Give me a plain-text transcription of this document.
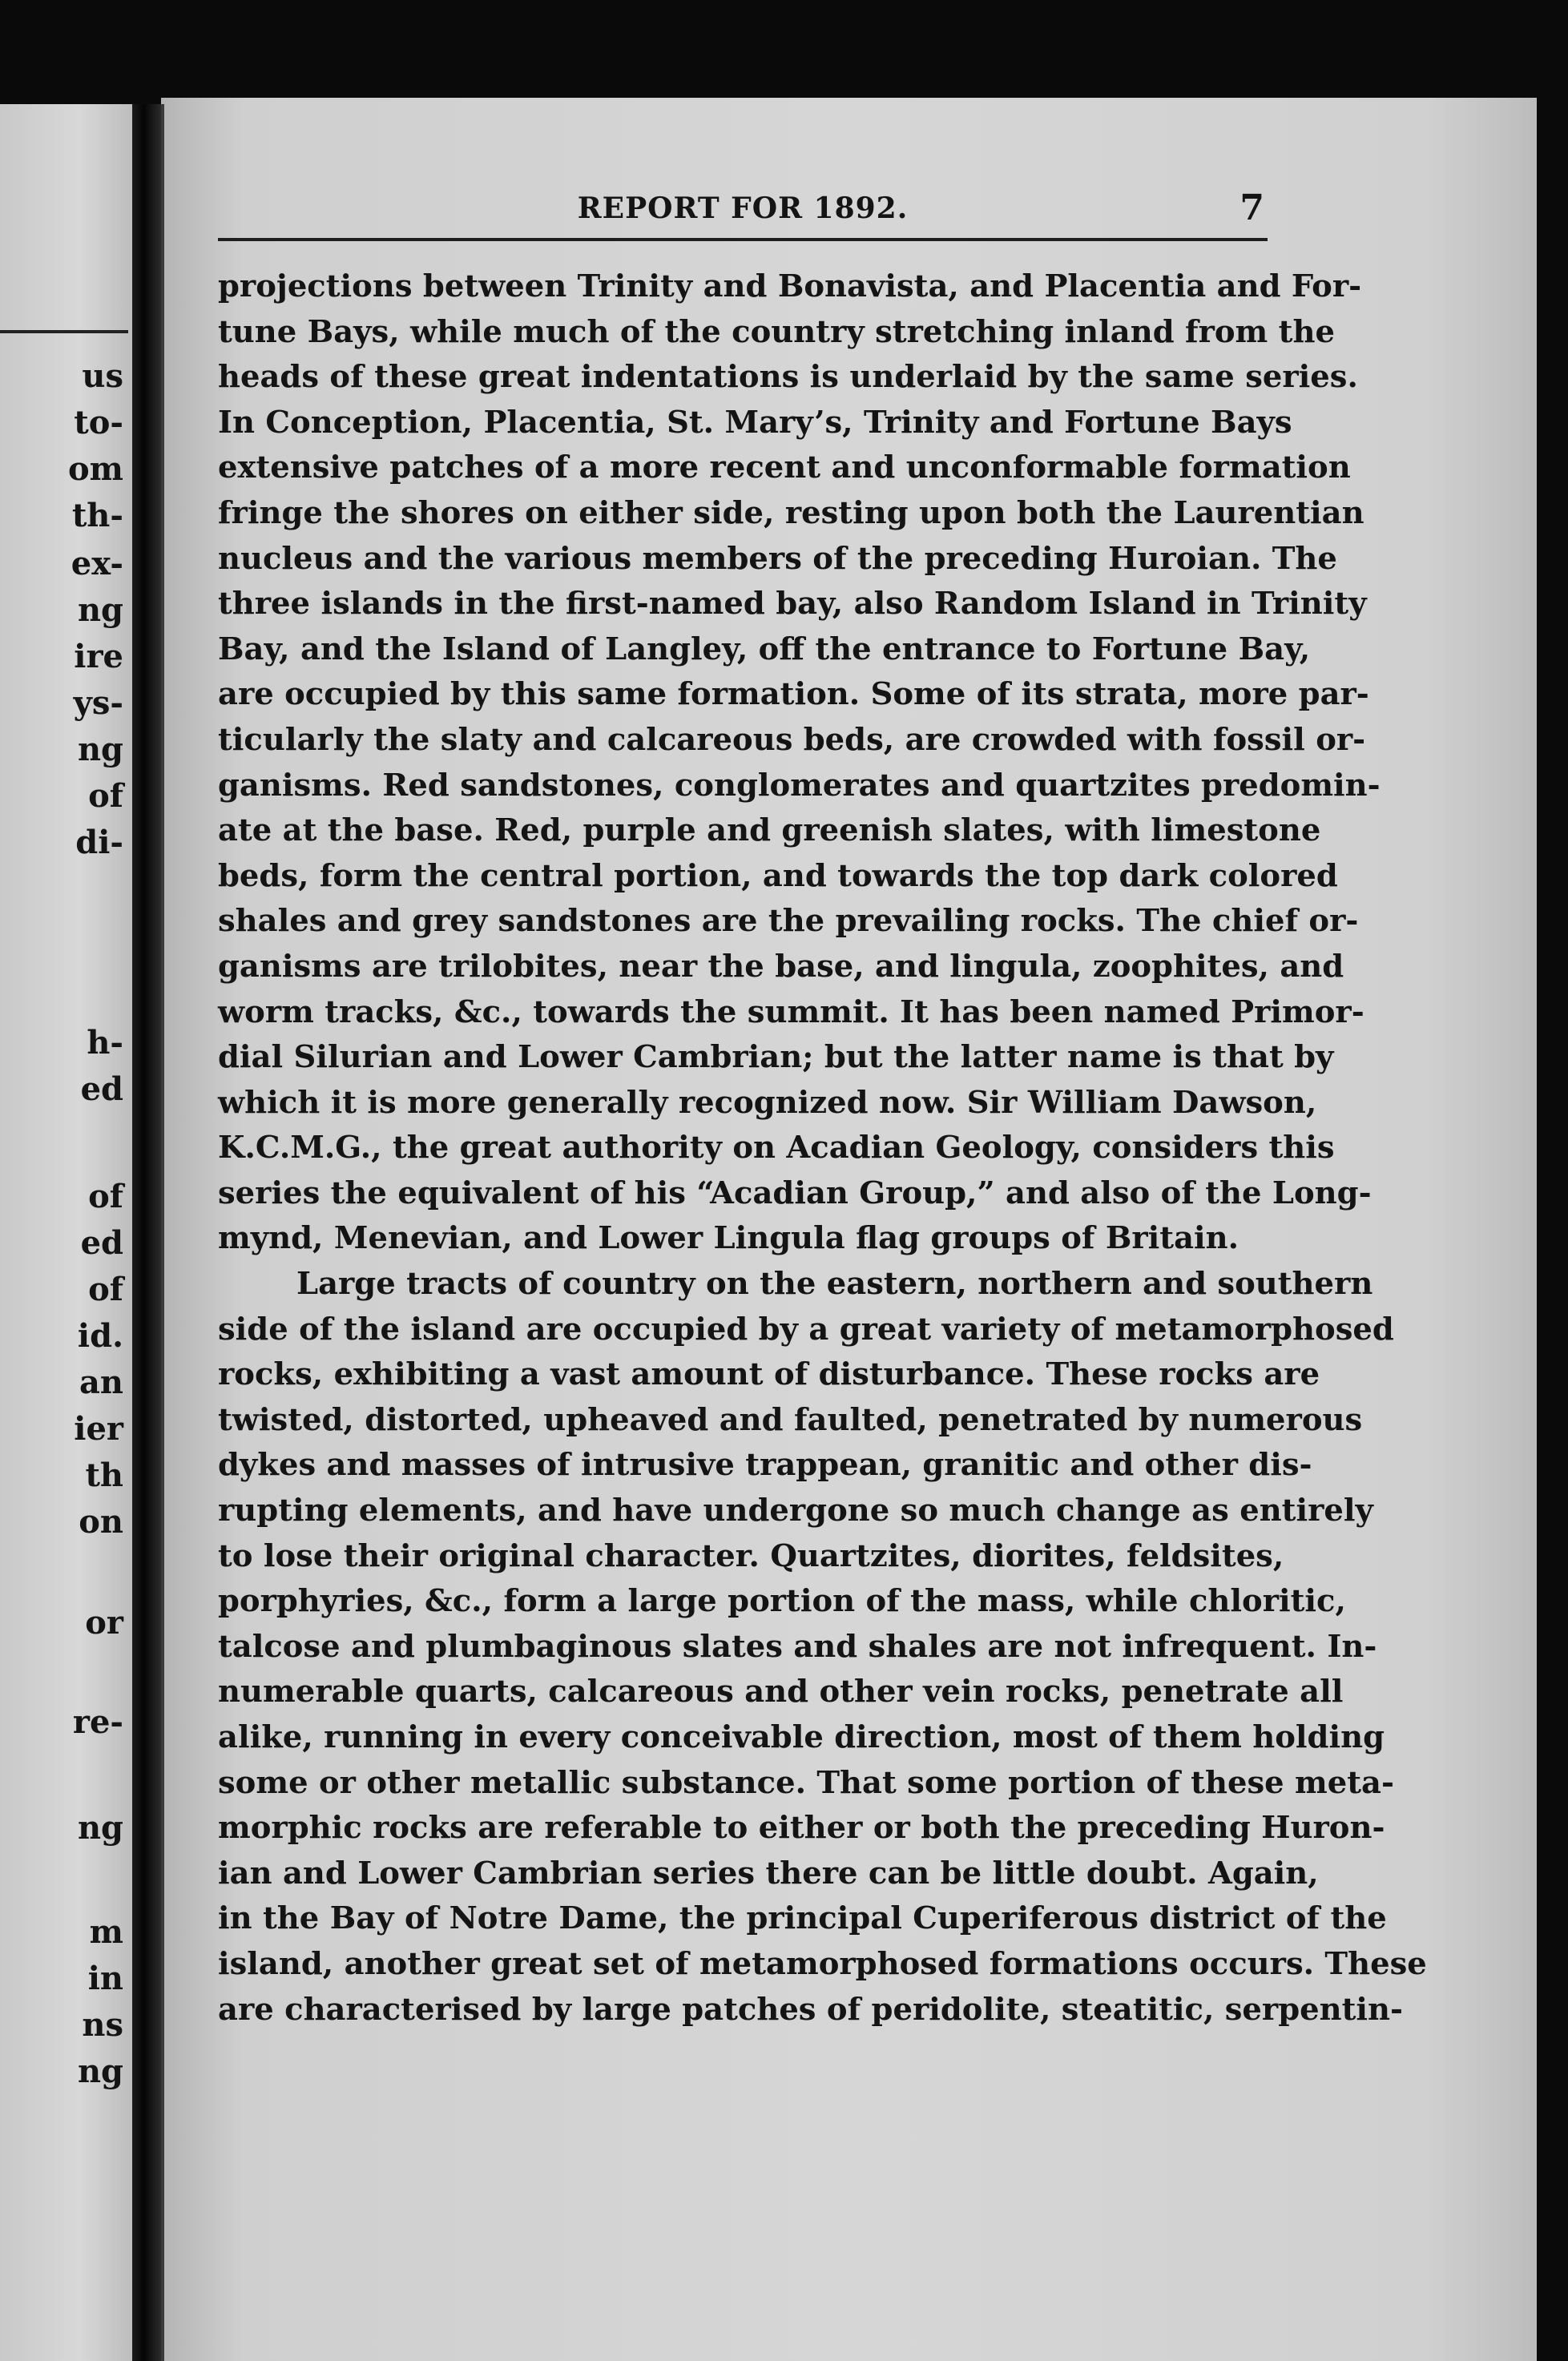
us
to-
om
th-
ex-
ng
ire
ys-
ng
of
di-
h-
ed
of
ed
of
id.
an
ier
th
on
or
re-
ng
m
in
ns
ng
REPORT FOR 1892.	7
projections between Trinity and Bonavista, and Placentia and For-
tune Bays, while much of the country stretching inland from the
heads of these great indentations is underlaid by the same series.
In Conception, Placentia, St. Mary’s, Trinity and Fortune Bays
extensive patches of a more recent and unconformable formation
fringe the shores on either side, resting upon both the Laurentian
nucleus and the various members of the preceding Huroian. The
three islands in the first-named bay, also Random Island in Trinity
Bay, and the Island of Langley, off the entrance to Fortune Bay,
are occupied by this same formation. Some of its strata, more par-
ticularly the slaty and calcareous beds, are crowded with fossil or-
ganisms. Red sandstones, conglomerates and quartzites predomin-
ate at the base. Red, purple and greenish slates, with limestone
beds, form the central portion, and towards the top dark colored
shales and grey sandstones are the prevailing rocks. The chief or-
ganisms are trilobites, near the base, and lingula, zoophites, and
worm tracks, &c., towards the summit. It has been named Primor-
dial Silurian and Lower Cambrian; but the latter name is that by
which it is more generally recognized now. Sir William Dawson,
K.C.M.G., the great authority on Acadian Geology, considers this
series the equivalent of his “Acadian Group,” and also of the Long-
mynd, Menevian, and Lower Lingula flag groups of Britain.
Large tracts of country on the eastern, northern and southern
side of the island are occupied by a great variety of metamorphosed
rocks, exhibiting a vast amount of disturbance. These rocks are
twisted, distorted, upheaved and faulted, penetrated by numerous
dykes and masses of intrusive trappean, granitic and other dis-
rupting elements, and have undergone so much change as entirely
to lose their original character. Quartzites, diorites, feldsites,
porphyries, &c., form a large portion of the mass, while chloritic,
talcose and plumbaginous slates and shales are not infrequent. In-
numerable quarts, calcareous and other vein rocks, penetrate all
alike, running in every conceivable direction, most of them holding
some or other metallic substance. That some portion of these meta-
morphic rocks are referable to either or both the preceding Huron-
ian and Lower Cambrian series there can be little doubt. Again,
in the Bay of Notre Dame, the principal Cuperiferous district of the
island, another great set of metamorphosed formations occurs. These
are characterised by large patches of peridolite, steatitic, serpentin-
